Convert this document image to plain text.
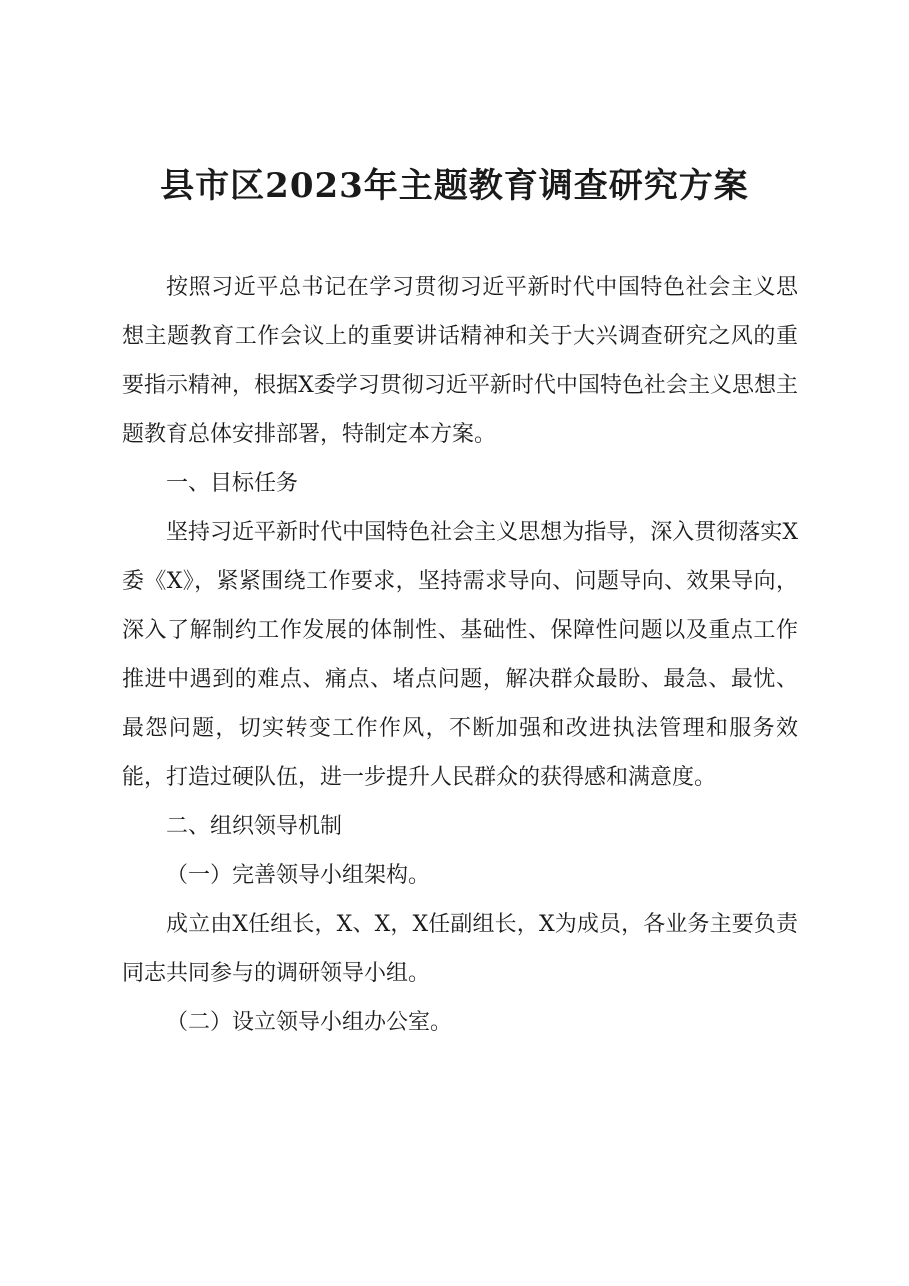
县市区2023年主题教育调查研究方案

按照习近平总书记在学习贯彻习近平新时代中国特色社会主义思想主题教育工作会议上的重要讲话精神和关于大兴调查研究之风的重要指示精神，根据X委学习贯彻习近平新时代中国特色社会主义思想主题教育总体安排部署，特制定本方案。

一、目标任务

坚持习近平新时代中国特色社会主义思想为指导，深入贯彻落实X委《X》，紧紧围绕工作要求，坚持需求导向、问题导向、效果导向，深入了解制约工作发展的体制性、基础性、保障性问题以及重点工作推进中遇到的难点、痛点、堵点问题，解决群众最盼、最急、最忧、最怨问题，切实转变工作作风，不断加强和改进执法管理和服务效能，打造过硬队伍，进一步提升人民群众的获得感和满意度。

二、组织领导机制

（一）完善领导小组架构。

成立由X任组长，X、X，X任副组长，X为成员，各业务主要负责同志共同参与的调研领导小组。

（二）设立领导小组办公室。
